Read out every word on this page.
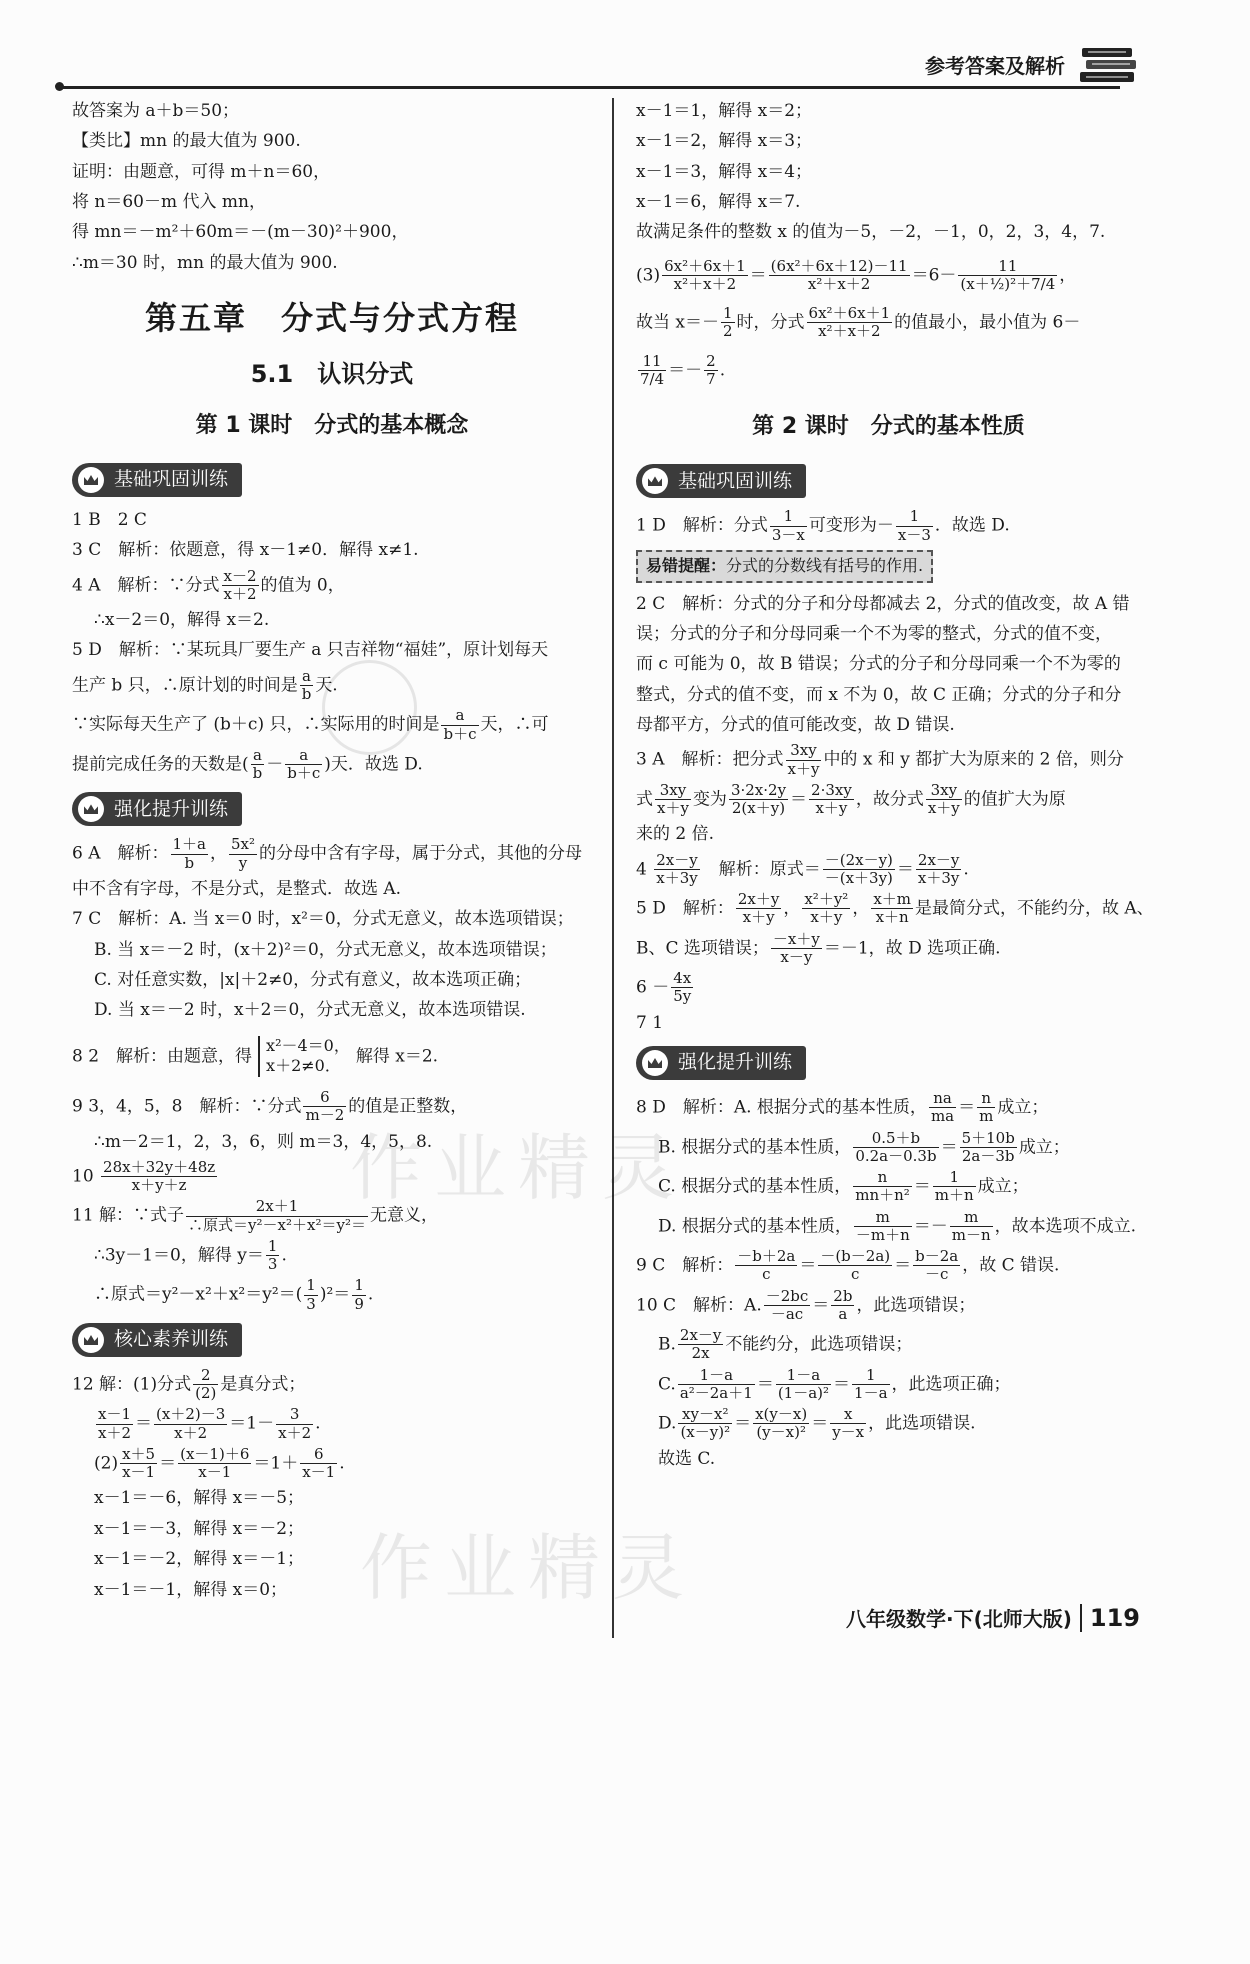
参考答案及解析
故答案为 a＋b＝50；
【类比】mn 的最大值为 900.
证明：由题意，可得 m＋n＝60，
将 n＝60－m 代入 mn，
得 mn＝－m²＋60m＝－(m－30)²＋900，
∴m＝30 时，mn 的最大值为 900.
第五章　分式与分式方程
5.1　认识分式
第 1 课时　分式的基本概念
基础巩固训练
1 B　2 C
3 C　解析：依题意，得 x－1≠0．解得 x≠1.
4 A　解析：∵分式 $\frac{x-2}{x+2}$ 的值为 0，
∴x－2＝0，解得 x＝2.
5 D　解析：∵某玩具厂要生产 a 只吉祥物“福娃”，原计划每天
生产 b 只，∴原计划的时间是 $\frac{a}{b}$ 天.
∵实际每天生产了 (b＋c) 只，∴实际用的时间是 $\frac{a}{b+c}$ 天，∴可
提前完成任务的天数是( $\frac{a}{b} - \frac{a}{b+c}$ )天．故选 D.
强化提升训练
6 A　解析： $\frac{1+a}{b}$ ， $\frac{\text{5x²}}{y}$ 的分母中含有字母，属于分式，其他的分母
中不含有字母，不是分式，是整式．故选 A.
7 C　解析：A. 当 x＝0 时，x²＝0，分式无意义，故本选项错误；
B. 当 x＝－2 时，(x＋2)²＝0，分式无意义，故本选项错误；
C. 对任意实数，|x|＋2≠0，分式有意义，故本选项正确；
D. 当 x＝－2 时，x＋2＝0，分式无意义，故本选项错误.
8 2　解析：由题意，得
x²－4＝0，
x＋2≠0． 解得 x＝2.
9 3，4，5，8　解析：∵分式 $\frac{6}{m-2}$ 的值是正整数，
∴m－2＝1，2，3，6，则 m＝3，4，5，8.
$10 \frac{28x+32y+48z}{x+y+z}$
11 解：∵式子 $\frac{2x+1}{\text{∴原式＝y²－x²＋x²＝y²＝}}$ 无意义，
∴3y－1＝0，解得 $y= \frac{1}{3}$ .
∴原式$=y^2-x^2+x^2=y^2=( \frac{1}{3} )^2= \frac{1}{9}$ .
核心素养训练
12 解：(1)分式 $\frac{2}{(2)}$ 是真分式；
$\frac{x-1}{x+2} = \frac{(x+2)-3}{x+2} =1- \frac{3}{x+2}$ .
$(2) \frac{x+5}{x-1} = \frac{(x-1)+6}{x-1} =1+ \frac{6}{x-1}$ .
x－1＝－6，解得 x＝－5；
x－1＝－3，解得 x＝－2；
x－1＝－2，解得 x＝－1；
x－1＝－1，解得 x＝0；
x－1＝1，解得 x＝2；
x－1＝2，解得 x＝3；
x－1＝3，解得 x＝4；
x－1＝6，解得 x＝7.
故满足条件的整数 x 的值为－5，－2，－1，0，2，3，4，7.
$(3) \frac{\text{6x²＋6x＋1}}{\text{x²＋x＋2}} = \frac{\text{(6x²＋6x＋12)－11}}{\text{x²＋x＋2}} =6- \frac{11}{\text{(x＋½)²＋7/4}}$ ，
故当 $x=- \frac{1}{2}$ 时，分式 $\frac{\text{6x²＋6x＋1}}{\text{x²＋x＋2}}$ 的值最小，最小值为 6－
$\frac{11}{7/4} =- \frac{2}{7}$ .
第 2 课时　分式的基本性质
基础巩固训练
1 D　解析：分式 $\frac{1}{3-x}$ 可变形为－ $\frac{1}{x-3}$ ．故选 D.
易错提醒：分式的分数线有括号的作用.
2 C　解析：分式的分子和分母都减去 2，分式的值改变，故 A 错
误；分式的分子和分母同乘一个不为零的整式，分式的值不变，
而 c 可能为 0，故 B 错误；分式的分子和分母同乘一个不为零的
整式，分式的值不变，而 x 不为 0，故 C 正确；分式的分子和分
母都平方，分式的值可能改变，故 D 错误.
3 A　解析：把分式 $\frac{3xy}{x+y}$ 中的 x 和 y 都扩大为原来的 2 倍，则分
式 $\frac{3xy}{x+y}$ 变为 $\frac{3\cdot 2x\cdot 2y}{2(x+y)} = \frac{2\cdot 3xy}{x+y}$ ，故分式 $\frac{3xy}{x+y}$ 的值扩大为原
来的 2 倍.
$4 \frac{2x-y}{x+3y}$
　 解析：原式＝ $\frac{-(2x-y)}{-(x+3y)} = \frac{2x-y}{x+3y}$ .
5 D　解析： $\frac{2x+y}{x+y}$ ， $\frac{\text{x²＋y²}}{x+y}$ ， $\frac{x+m}{x+n}$ 是最简分式，不能约分，故 A、
B、C 选项错误； $\frac{-x+y}{x-y} =-1$，故 D 选项正确.
$6 - \frac{4x}{5y}$
7 1
强化提升训练
8 D　解析：A. 根据分式的基本性质， $\frac{na}{ma} = \frac{n}{m}$ 成立；
B. 根据分式的基本性质， $\frac{0.5+b}{0.2a-0.3b} = \frac{5+10b}{2a-3b}$ 成立；
C. 根据分式的基本性质， $\frac{n}{\text{mn＋n²}} = \frac{1}{m+n}$ 成立；
D. 根据分式的基本性质， $\frac{m}{-m+n} =- \frac{m}{m-n}$ ，故本选项不成立.
9 C　解析： $\frac{-b+2a}{c} = \frac{-(b-2a)}{c} = \frac{b-2a}{-c}$ ，故 C 错误.
10 C　解析：A. $\frac{-2bc}{-ac} = \frac{2b}{a}$ ，此选项错误；
B. $\frac{2x-y}{2x}$ 不能约分，此选项错误；
C. $\frac{1-a}{\text{a²－2a＋1}} = \frac{1-a}{\text{(1－a)²}} = \frac{1}{1-a}$ ，此选项正确；
D. $\frac{\text{xy－x²}}{\text{(x－y)²}} = \frac{x(y-x)}{\text{(y－x)²}} = \frac{x}{y-x}$ ，此选项错误.
故选 C.
八年级数学·下(北师大版) 119
作业精灵
作业精灵
